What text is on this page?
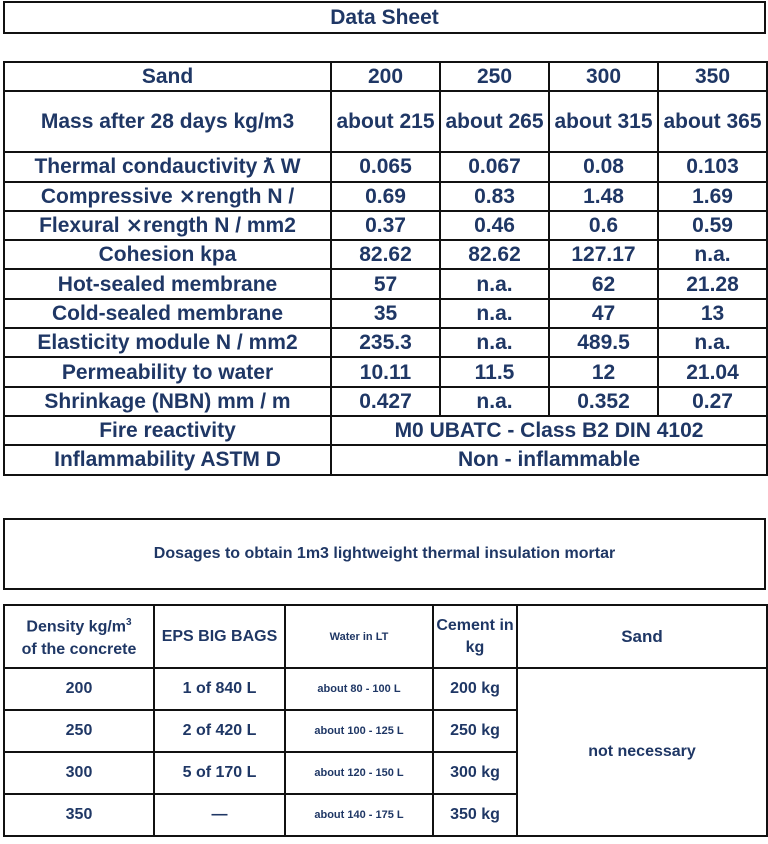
Data Sheet
Sand	200	250	300	350
Mass after 28 days kg/m3	about 215	about 265	about 315	about 365
Thermal condauctivity ƛ W	0.065	0.067	0.08	0.103
Compressive ⨯rength N /	0.69	0.83	1.48	1.69
Flexural ⨯rength N / mm2	0.37	0.46	0.6	0.59
Cohesion kpa	82.62	82.62	127.17	n.a.
Hot-sealed membrane	57	n.a.	62	21.28
Cold-sealed membrane	35	n.a.	47	13
Elasticity module N / mm2	235.3	n.a.	489.5	n.a.
Permeability to water	10.11	11.5	12	21.04
Shrinkage (NBN) mm / m	0.427	n.a.	0.352	0.27
Fire reactivity	M0 UBATC - Class B2 DIN 4102			
Inflammability ASTM D	Non - inflammable			
Dosages to obtain 1m3 lightweight thermal insulation mortar
Density $kg/m^3$
of the concrete	EPS BIG BAGS	Water in LT	Cement in kg	Sand
200	1 of 840 L	about 80 - 100 L	200 kg	not necessary
250	2 of 420 L	about 100 - 125 L	250 kg	
300	5 of 170 L	about 120 - 150 L	300 kg	
350	—	about 140 - 175 L	350 kg	
